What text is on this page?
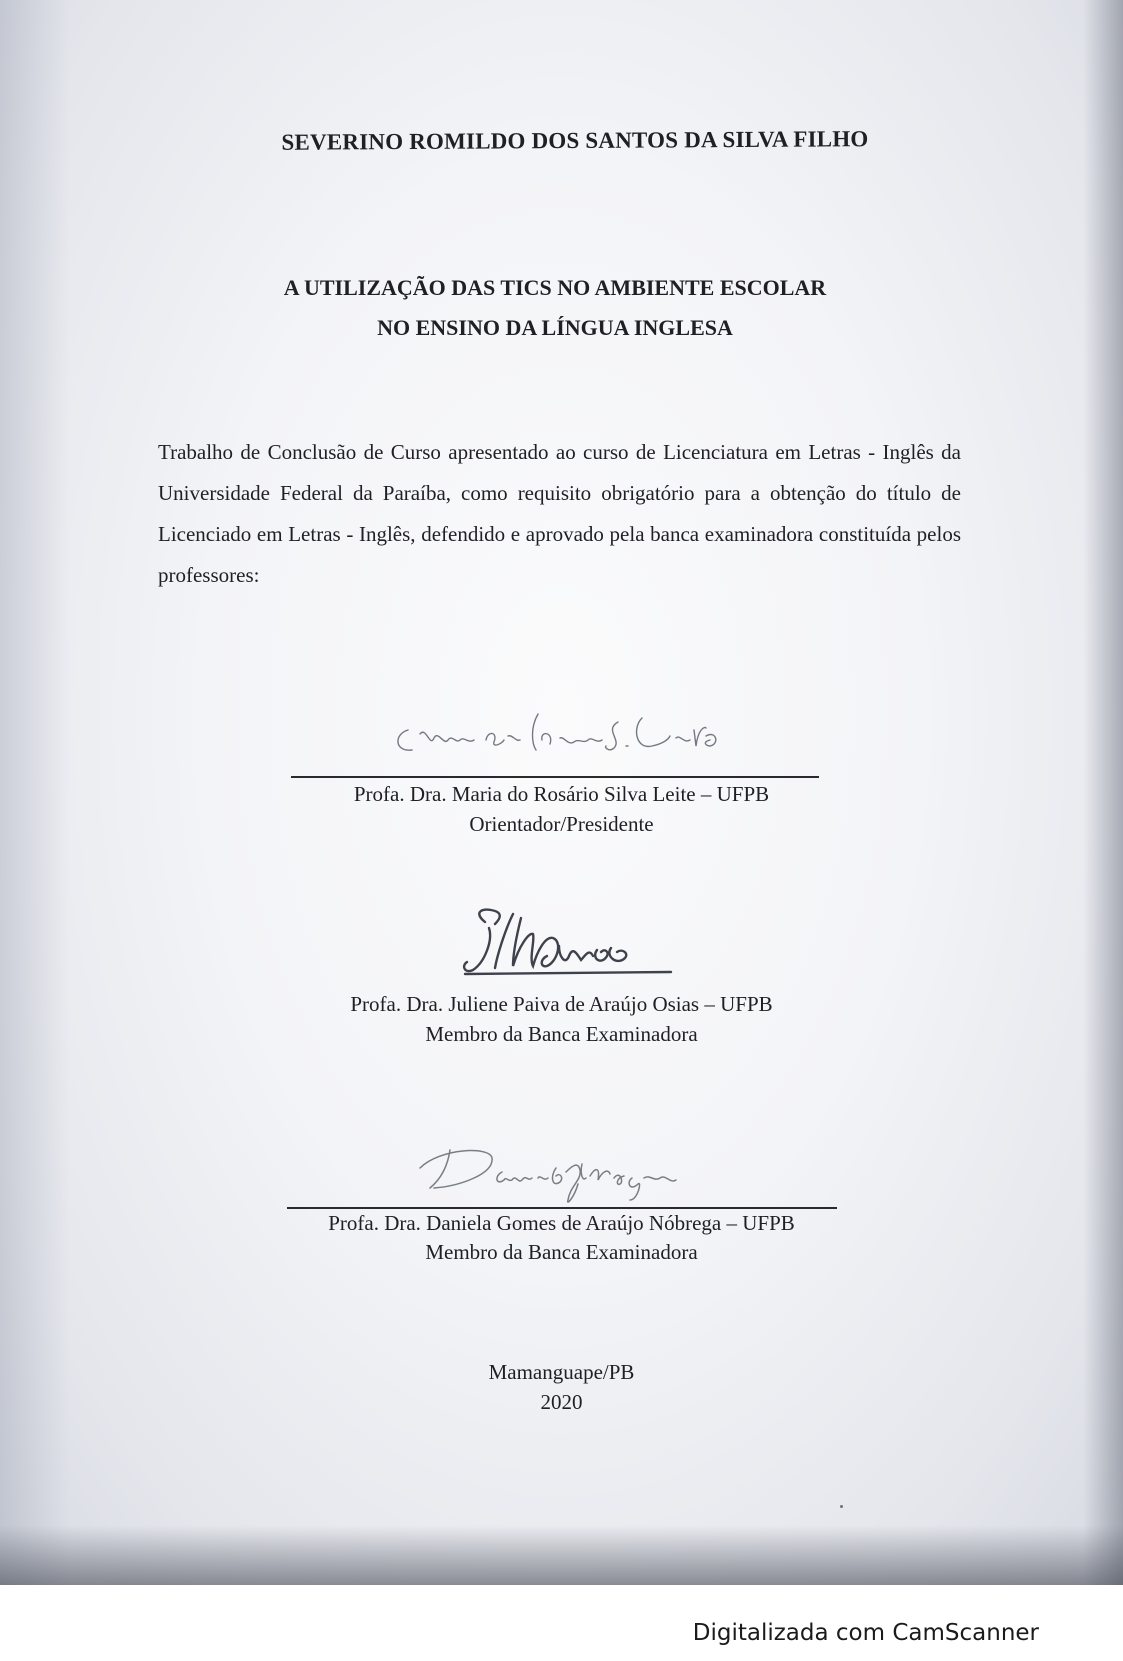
SEVERINO ROMILDO DOS SANTOS DA SILVA FILHO
A UTILIZAÇÃO DAS TICS NO AMBIENTE ESCOLAR
NO ENSINO DA LÍNGUA INGLESA
Trabalho de Conclusão de Curso apresentado ao curso de Licenciatura em Letras - Inglês da Universidade Federal da Paraíba, como requisito obrigatório para a obtenção do título de Licenciado em Letras - Inglês, defendido e aprovado pela banca examinadora constituída pelos professores:
Profa. Dra. Maria do Rosário Silva Leite – UFPB
Orientador/Presidente
Profa. Dra. Juliene Paiva de Araújo Osias – UFPB
Membro da Banca Examinadora
Profa. Dra. Daniela Gomes de Araújo Nóbrega – UFPB
Membro da Banca Examinadora
Mamanguape/PB
2020
Digitalizada com CamScanner
